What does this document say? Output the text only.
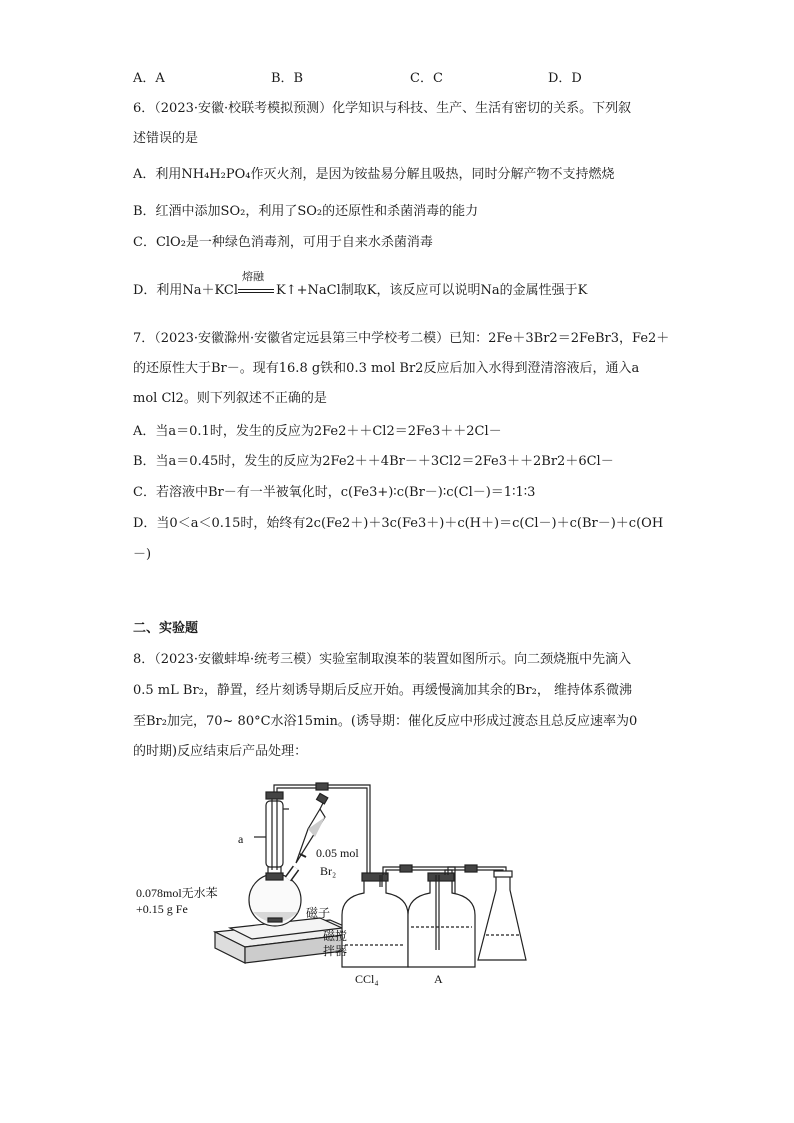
A．A	B．B	C．C	D．D
6．（2023·安徽·校联考模拟预测）化学知识与科技、生产、生活有密切的关系。下列叙
述错误的是
A．利用NH₄H₂PO₄作灭火剂，是因为铵盐易分解且吸热，同时分解产物不支持燃烧
B．红酒中添加SO₂，利用了SO₂的还原性和杀菌消毒的能力
C．ClO₂是一种绿色消毒剂，可用于自来水杀菌消毒
D．利用Na＋KCl
熔融
K↑+NaCl制取K，该反应可以说明Na的金属性强于K
7．（2023·安徽滁州·安徽省定远县第三中学校考二模）已知：2Fe＋3Br2＝2FeBr3，Fe2＋
的还原性大于Br－。现有16.8 g铁和0.3 mol Br2反应后加入水得到澄清溶液后，通入a
mol Cl2。则下列叙述不正确的是
A．当a＝0.1时，发生的反应为2Fe2＋＋Cl2＝2Fe3＋＋2Cl－
B．当a＝0.45时，发生的反应为2Fe2＋＋4Br－＋3Cl2＝2Fe3＋＋2Br2＋6Cl－
C．若溶液中Br－有一半被氧化时，c(Fe3+)∶c(Br－)∶c(Cl－)＝1∶1∶3
D．当0＜a＜0.15时，始终有2c(Fe2＋)＋3c(Fe3＋)＋c(H＋)＝c(Cl－)＋c(Br－)＋c(OH
－)
二、实验题
8．（2023·安徽蚌埠·统考三模）实验室制取溴苯的装置如图所示。向二颈烧瓶中先滴入
0.5 mL Br₂，静置，经片刻诱导期后反应开始。再缓慢滴加其余的Br₂， 维持体系微沸
至Br₂加完，70~ 80°C水浴15min。(诱导期：催化反应中形成过渡态且总反应速率为0
的时期)反应结束后产品处理：
a
0.05 mol
Br₂
0.078mol无水苯
+0.15 g Fe	磁子
磁搅
拌器
CCl₄	A
